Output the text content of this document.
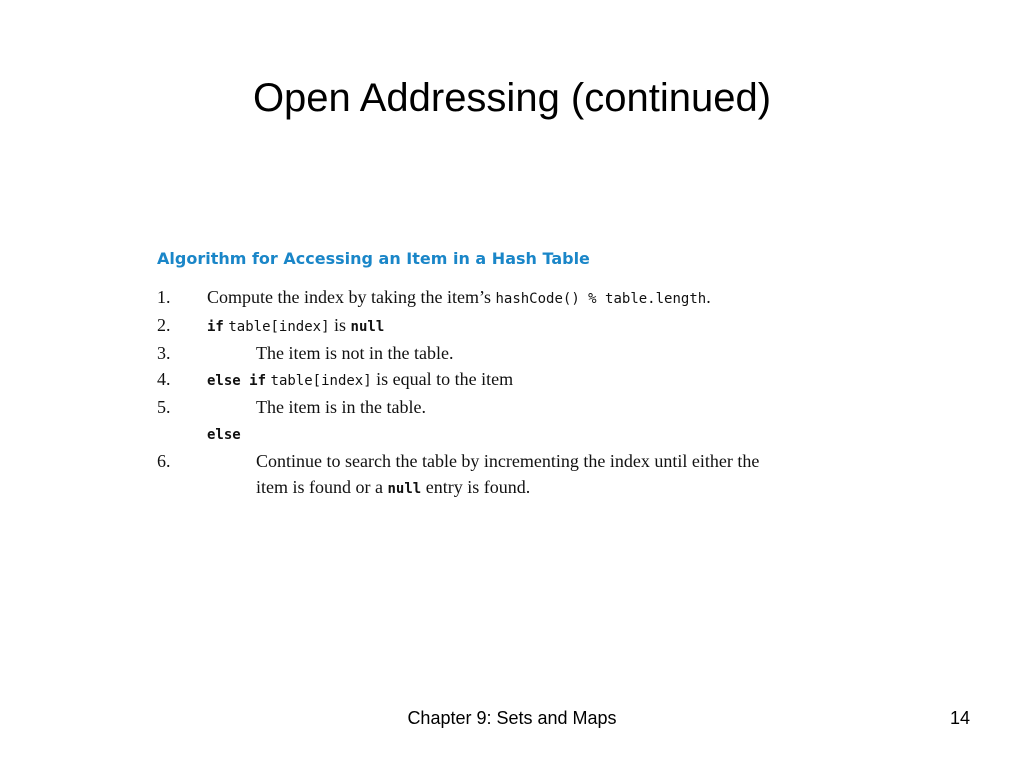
Open Addressing (continued)
Algorithm for Accessing an Item in a Hash Table
1.	Compute the index by taking the item’s hashCode() % table.length.
2.	if table[index] is null
3.	The item is not in the table.
4.	else if table[index] is equal to the item
5.	The item is in the table.
else
6.	Continue to search the table by incrementing the index until either the
item is found or a null entry is found.
Chapter 9: Sets and Maps	14
